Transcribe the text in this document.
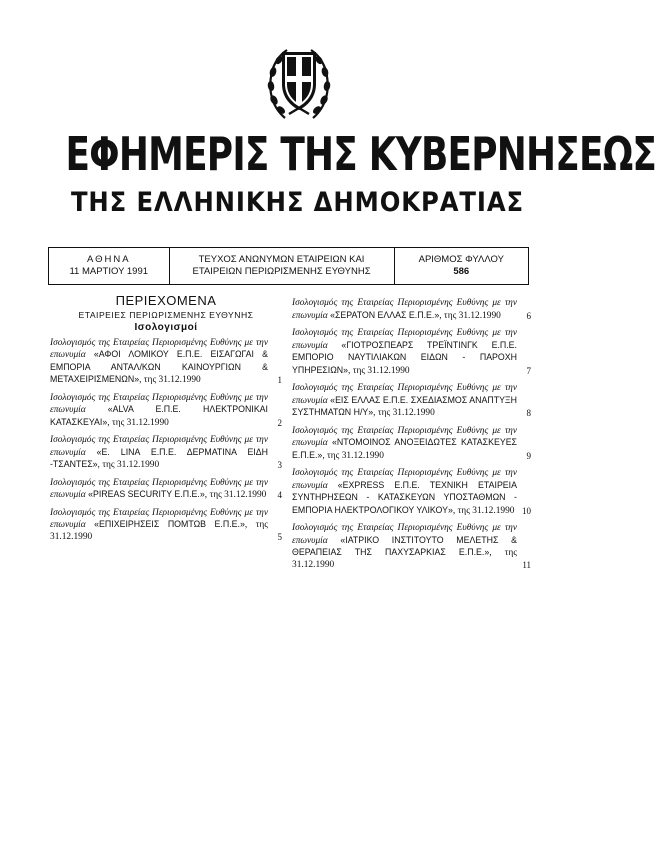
ΕΦΗΜΕΡΙΣ ΤΗΣ ΚΥΒΕΡΝΗΣΕΩΣ
ΤΗΣ ΕΛΛΗΝΙΚΗΣ ΔΗΜΟΚΡΑΤΙΑΣ
ΑΘΗΝΑ
11 ΜΑΡΤΙΟΥ 1991
ΤΕΥΧΟΣ ΑΝΩΝΥΜΩΝ ΕΤΑΙΡΕΙΩΝ ΚΑΙ
ΕΤΑΙΡΕΙΩΝ ΠΕΡΙΩΡΙΣΜΕΝΗΣ ΕΥΘΥΝΗΣ
ΑΡΙΘΜΟΣ ΦΥΛΛΟΥ
586
ΠΕΡΙΕΧΟΜΕΝΑ
ΕΤΑΙΡΕΙΕΣ ΠΕΡΙΩΡΙΣΜΕΝΗΣ ΕΥΘΥΝΗΣ
Ισολογισμοί
Ισολογισμός της Εταιρείας Περιορισμένης Ευθύνης με την επωνυμία «ΑΦΟΙ ΛΟΜΙΚΟΥ Ε.Π.Ε. ΕΙΣΑΓΩΓΑΙ & ΕΜΠΟΡΙΑ ΑΝΤΑΛ/ΚΩΝ ΚΑΙΝΟΥΡΓΙΩΝ & ΜΕΤΑΧΕΙΡΙΣΜΕΝΩΝ», της 31.12.1990	1
Ισολογισμός της Εταιρείας Περιορισμένης Ευθύνης με την επωνυμία	«ALVA Ε.Π.Ε. ΗΛΕΚΤΡΟΝΙΚΑΙ ΚΑΤΑΣΚΕΥΑΙ», της 31.12.1990	2
Ισολογισμός της Εταιρείας Περιορισμένης Ευθύνης με την επωνυμία «Ε. LINA Ε.Π.Ε. ΔΕΡΜΑΤΙΝΑ ΕΙΔΗ -ΤΣΑΝΤΕΣ», της 31.12.1990	3
Ισολογισμός της Εταιρείας Περιορισμένης Ευθύνης με την επωνυμία «PIREAS SECURITY Ε.Π.Ε.», της 31.12.1990 4
Ισολογισμός της Εταιρείας Περιορισμένης Ευθύνης με την επωνυμία «ΕΠΙΧΕΙΡΗΣΕΙΣ ΠΟΜΤΩΒ Ε.Π.Ε.», της 31.12.1990	5
Ισολογισμός της Εταιρείας Περιορισμένης Ευθύνης με την επωνυμία «ΣΕΡΑΤΟΝ ΕΛΛΑΣ Ε.Π.Ε.», της 31.12.1990	6
Ισολογισμός της Εταιρείας Περιορισμένης Ευθύνης με την επωνυμία «ΓΙΟΤΡΟΣΠΕΑΡΣ ΤΡΕΪΝΤΙΝΓΚ Ε.Π.Ε. ΕΜΠΟΡΙΟ ΝΑΥΤΙΛΙΑΚΩΝ ΕΙΔΩΝ - ΠΑΡΟΧΗ ΥΠΗΡΕΣΙΩΝ», της 31.12.1990	7
Ισολογισμός της Εταιρείας Περιορισμένης Ευθύνης με την επωνυμία «ΕΙΣ ΕΛΛΑΣ Ε.Π.Ε. ΣΧΕΔΙΑΣΜΟΣ ΑΝΑΠΤΥΞΗ ΣΥΣΤΗΜΑΤΩΝ Η/Υ», της 31.12.1990	8
Ισολογισμός της Εταιρείας Περιορισμένης Ευθύνης με την επωνυμία «ΝΤΟΜΟΙΝΟΣ ΑΝΟΞΕΙΔΩΤΕΣ ΚΑΤΑΣΚΕΥΕΣ Ε.Π.Ε.», της 31.12.1990	9
Ισολογισμός της Εταιρείας Περιορισμένης Ευθύνης με την επωνυμία «EXPRESS Ε.Π.Ε. ΤΕΧΝΙΚΗ ΕΤΑΙΡΕΙΑ ΣΥΝΤΗΡΗΣΕΩΝ - ΚΑΤΑΣΚΕΥΩΝ ΥΠΟΣΤΑΘΜΩΝ - ΕΜΠΟΡΙΑ ΗΛΕΚΤΡΟΛΟΓΙΚΟΥ ΥΛΙΚΟΥ», της 31.12.1990 10
Ισολογισμός της Εταιρείας Περιορισμένης Ευθύνης με την επωνυμία «ΙΑΤΡΙΚΟ ΙΝΣΤΙΤΟΥΤΟ ΜΕΛΕΤΗΣ & ΘΕΡΑΠΕΙΑΣ ΤΗΣ ΠΑΧΥΣΑΡΚΙΑΣ Ε.Π.Ε.», της 31.12.1990	11
